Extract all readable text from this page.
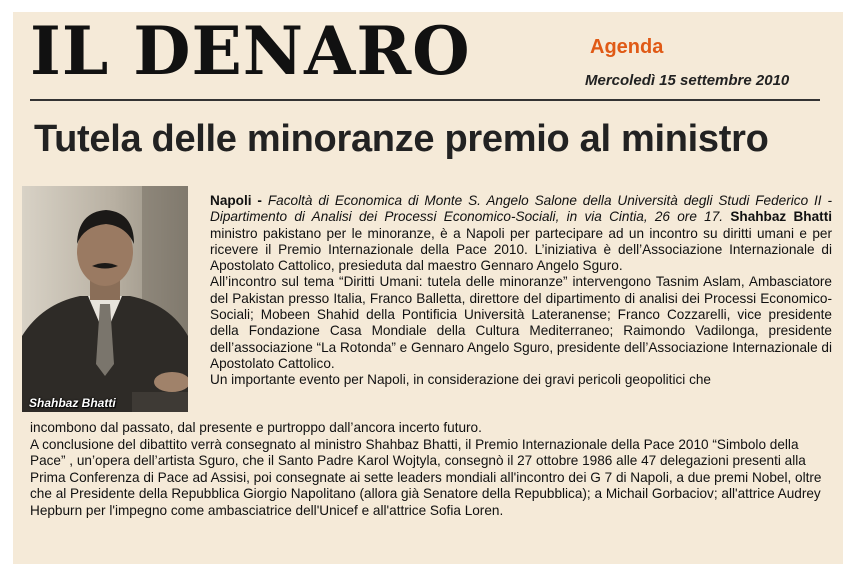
IL DENARO	Agenda
Mercoledì 15 settembre 2010
Tutela delle minoranze premio al ministro
Shahbaz Bhatti

Napoli - Facoltà di Economica di Monte S. Angelo Salone della Università degli Studi Federico II - Dipartimento di Analisi dei Processi Economico-Sociali, in via Cintia, 26 ore 17. Shahbaz Bhatti ministro pakistano per le minoranze, è a Napoli per partecipare ad un incontro su diritti umani e per ricevere il Premio Internazionale della Pace 2010. L’iniziativa è dell’Associazione Internazionale di Apostolato Cattolico, presieduta dal maestro Gennaro Angelo Sguro.

All’incontro sul tema “Diritti Umani: tutela delle minoranze” intervengono Tasnim Aslam, Ambasciatore del Pakistan presso Italia, Franco Balletta, direttore del dipartimento di analisi dei Processi Economico-Sociali; Mobeen Shahid della Pontificia Università Lateranense; Franco Cozzarelli, vice presidente della Fondazione Casa Mondiale della Cultura Mediterraneo; Raimondo Vadilonga, presidente dell’associazione “La Rotonda” e Gennaro Angelo Sguro, presidente dell’Associazione Internazionale di Apostolato Cattolico.

Un importante evento per Napoli, in considerazione dei gravi pericoli geopolitici che

incombono dal passato, dal presente e purtroppo dall’ancora incerto futuro.

A conclusione del dibattito verrà consegnato al ministro Shahbaz Bhatti, il Premio Internazionale della Pace 2010 “Simbolo della Pace” , un’opera dell’artista Sguro, che il Santo Padre Karol Wojtyla, consegnò il 27 ottobre 1986 alle 47 delegazioni presenti alla Prima Conferenza di Pace ad Assisi, poi consegnate ai sette leaders mondiali all'incontro dei G 7 di Napoli, a due premi Nobel, oltre che al Presidente della Repubblica Giorgio Napolitano (allora già Senatore della Repubblica); a Michail Gorbaciov; all'attrice Audrey Hepburn per l'impegno come ambasciatrice dell'Unicef e all'attrice Sofia Loren.
